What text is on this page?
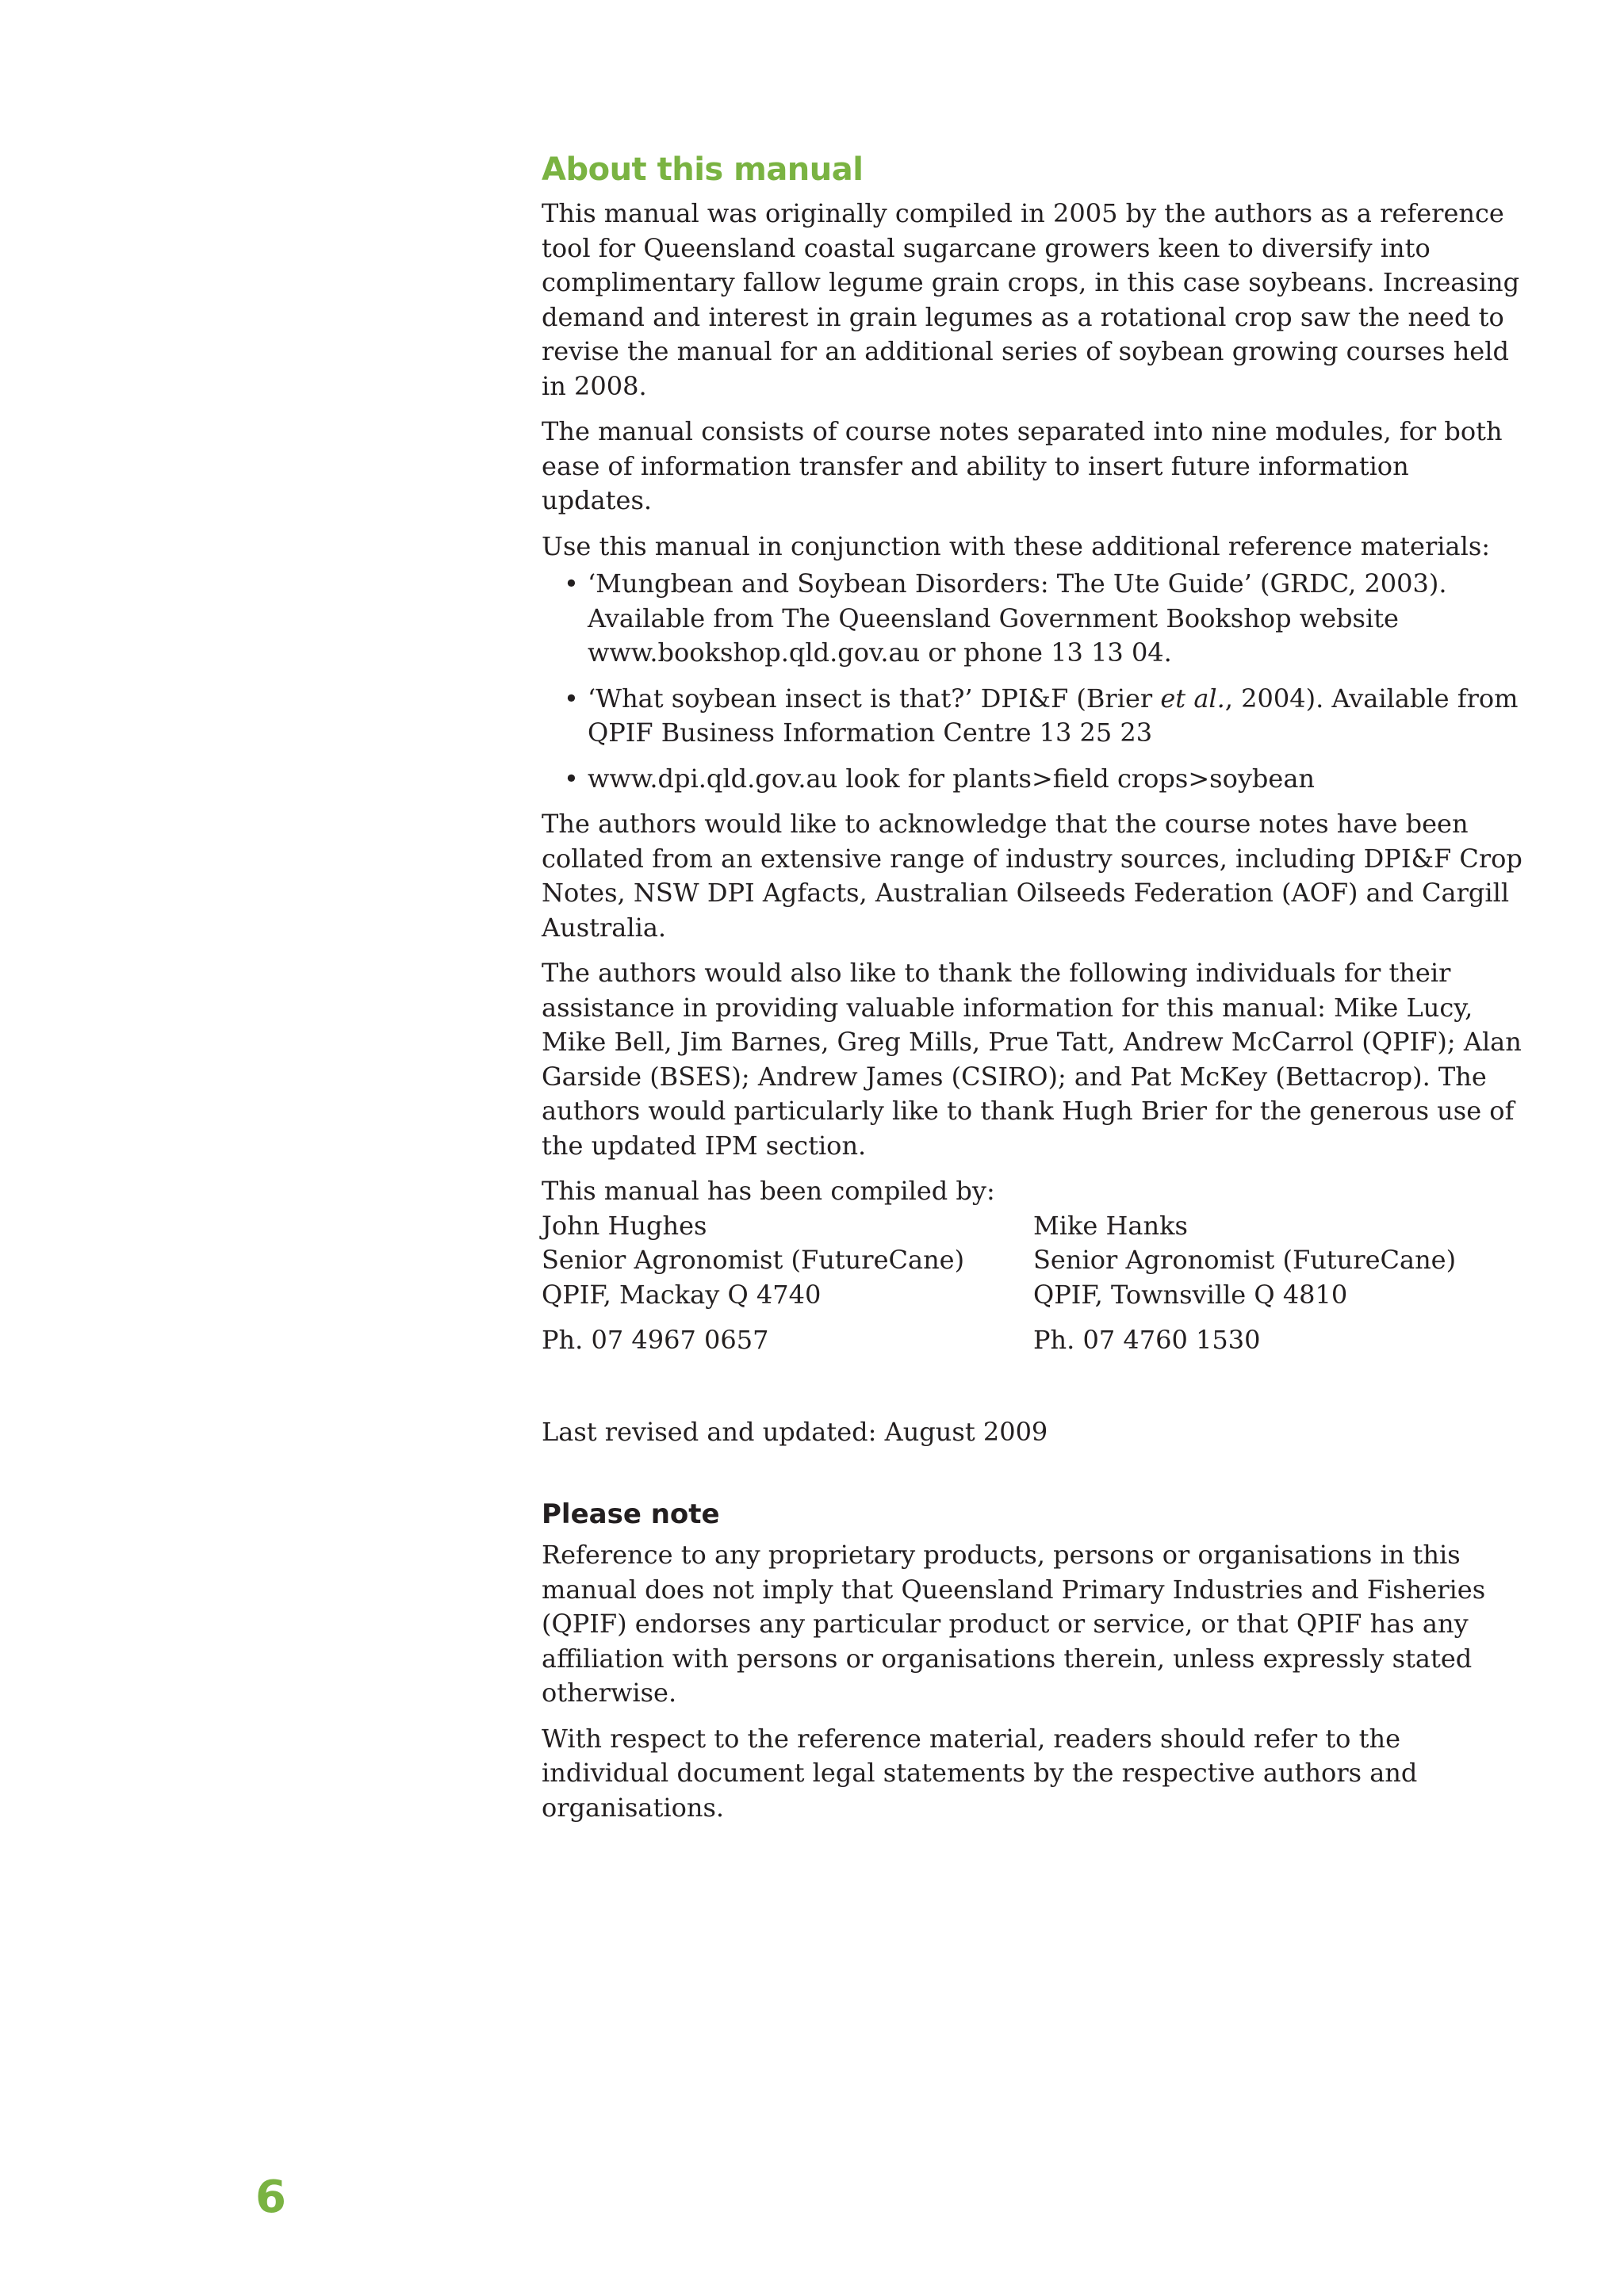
About this manual

This manual was originally compiled in 2005 by the authors as a reference tool for Queensland coastal sugarcane growers keen to diversify into complimentary fallow legume grain crops, in this case soybeans. Increasing demand and interest in grain legumes as a rotational crop saw the need to revise the manual for an additional series of soybean growing courses held in 2008.

The manual consists of course notes separated into nine modules, for both ease of information transfer and ability to insert future information updates.

Use this manual in conjunction with these additional reference materials:

• ‘Mungbean and Soybean Disorders: The Ute Guide’ (GRDC, 2003). Available from The Queensland Government Bookshop website www.bookshop.qld.gov.au or phone 13 13 04.
• ‘What soybean insect is that?’ DPI&F (Brier et al., 2004). Available from QPIF Business Information Centre 13 25 23
• www.dpi.qld.gov.au look for plants>field crops>soybean

The authors would like to acknowledge that the course notes have been collated from an extensive range of industry sources, including DPI&F Crop Notes, NSW DPI Agfacts, Australian Oilseeds Federation (AOF) and Cargill Australia.

The authors would also like to thank the following individuals for their assistance in providing valuable information for this manual: Mike Lucy, Mike Bell, Jim Barnes, Greg Mills, Prue Tatt, Andrew McCarrol (QPIF); Alan Garside (BSES); Andrew James (CSIRO); and Pat McKey (Bettacrop). The authors would particularly like to thank Hugh Brier for the generous use of the updated IPM section.

This manual has been compiled by:
John Hughes
Senior Agronomist (FutureCane)
QPIF, Mackay Q 4740
Ph. 07 4967 0657
Mike Hanks
Senior Agronomist (FutureCane)
QPIF, Townsville Q 4810
Ph. 07 4760 1530

Last revised and updated: August 2009

Please note

Reference to any proprietary products, persons or organisations in this manual does not imply that Queensland Primary Industries and Fisheries (QPIF) endorses any particular product or service, or that QPIF has any affiliation with persons or organisations therein, unless expressly stated otherwise.

With respect to the reference material, readers should refer to the individual document legal statements by the respective authors and organisations.

6
